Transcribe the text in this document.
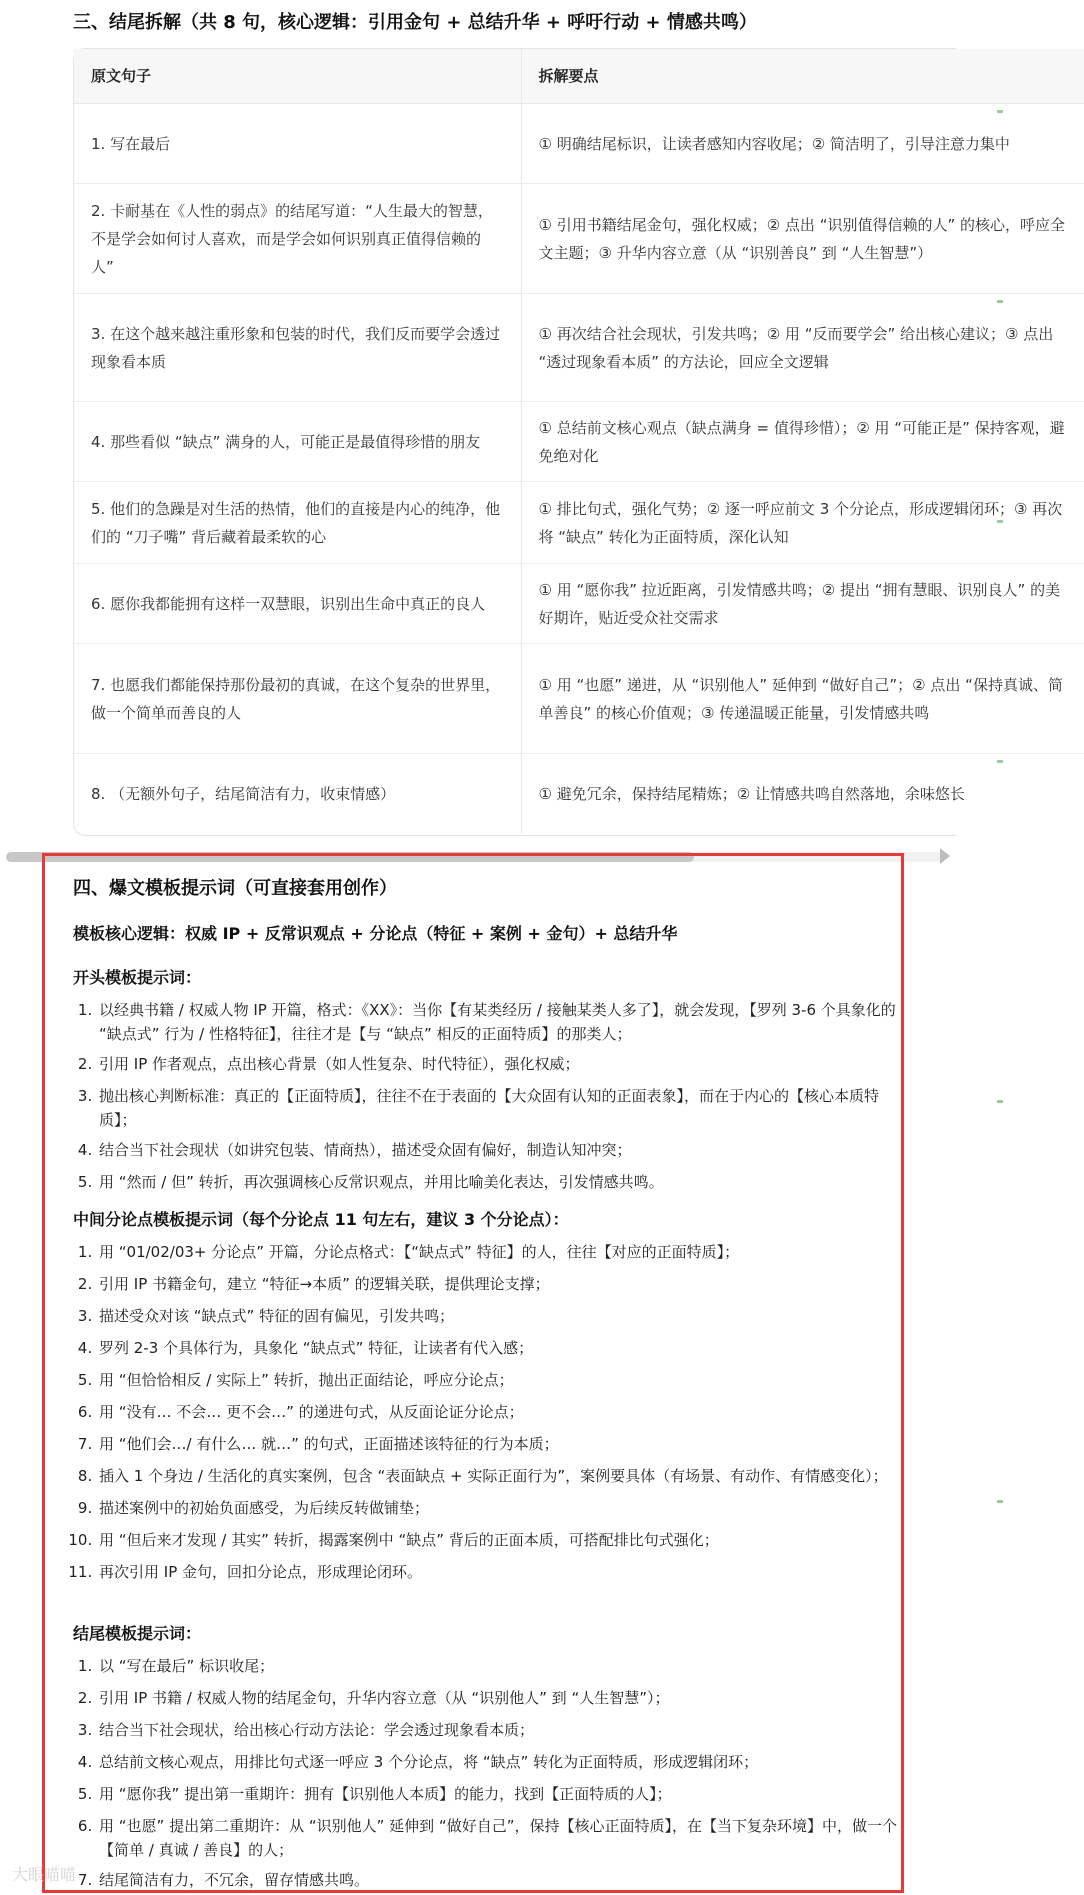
三、结尾拆解（共 8 句，核心逻辑：引用金句 + 总结升华 + 呼吁行动 + 情感共鸣）
原文句子	拆解要点
1. 写在最后	① 明确结尾标识，让读者感知内容收尾；② 简洁明了，引导注意力集中
2. 卡耐基在《人性的弱点》的结尾写道：“人生最大的智慧，不是学会如何讨人喜欢，而是学会如何识别真正值得信赖的人”	① 引用书籍结尾金句，强化权威；② 点出 “识别值得信赖的人” 的核心，呼应全文主题；③ 升华内容立意（从 “识别善良” 到 “人生智慧”）
3. 在这个越来越注重形象和包装的时代，我们反而要学会透过现象看本质	① 再次结合社会现状，引发共鸣；② 用 “反而要学会” 给出核心建议；③ 点出 “透过现象看本质” 的方法论，回应全文逻辑
4. 那些看似 “缺点” 满身的人，可能正是最值得珍惜的朋友	① 总结前文核心观点（缺点满身 = 值得珍惜）；② 用 “可能正是” 保持客观，避免绝对化
5. 他们的急躁是对生活的热情，他们的直接是内心的纯净，他们的 “刀子嘴” 背后藏着最柔软的心	① 排比句式，强化气势；② 逐一呼应前文 3 个分论点，形成逻辑闭环；③ 再次将 “缺点” 转化为正面特质，深化认知
6. 愿你我都能拥有这样一双慧眼，识别出生命中真正的良人	① 用 “愿你我” 拉近距离，引发情感共鸣；② 提出 “拥有慧眼、识别良人” 的美好期许，贴近受众社交需求
7. 也愿我们都能保持那份最初的真诚，在这个复杂的世界里，做一个简单而善良的人	① 用 “也愿” 递进，从 “识别他人” 延伸到 “做好自己”；② 点出 “保持真诚、简单善良” 的核心价值观；③ 传递温暖正能量，引发情感共鸣
8. （无额外句子，结尾简洁有力，收束情感）	① 避免冗余，保持结尾精炼；② 让情感共鸣自然落地，余味悠长
四、爆文模板提示词（可直接套用创作）
模板核心逻辑：权威 IP + 反常识观点 + 分论点（特征 + 案例 + 金句）+ 总结升华
开头模板提示词：
1. 以经典书籍 / 权威人物 IP 开篇，格式：《XX》：当你【有某类经历 / 接触某类人多了】，就会发现，【罗列 3-6 个具象化的 “缺点式” 行为 / 性格特征】，往往才是【与 “缺点” 相反的正面特质】的那类人；
2. 引用 IP 作者观点，点出核心背景（如人性复杂、时代特征），强化权威；
3. 抛出核心判断标准：真正的【正面特质】，往往不在于表面的【大众固有认知的正面表象】，而在于内心的【核心本质特质】；
4. 结合当下社会现状（如讲究包装、情商热），描述受众固有偏好，制造认知冲突；
5. 用 “然而 / 但” 转折，再次强调核心反常识观点，并用比喻美化表达，引发情感共鸣。
中间分论点模板提示词（每个分论点 11 句左右，建议 3 个分论点）：
1. 用 “01/02/03+ 分论点” 开篇，分论点格式：【“缺点式” 特征】的人，往往【对应的正面特质】；
2. 引用 IP 书籍金句，建立 “特征→本质” 的逻辑关联，提供理论支撑；
3. 描述受众对该 “缺点式” 特征的固有偏见，引发共鸣；
4. 罗列 2-3 个具体行为，具象化 “缺点式” 特征，让读者有代入感；
5. 用 “但恰恰相反 / 实际上” 转折，抛出正面结论，呼应分论点；
6. 用 “没有… 不会… 更不会…” 的递进句式，从反面论证分论点；
7. 用 “他们会…/ 有什么… 就…” 的句式，正面描述该特征的行为本质；
8. 插入 1 个身边 / 生活化的真实案例，包含 “表面缺点 + 实际正面行为”，案例要具体（有场景、有动作、有情感变化）；
9. 描述案例中的初始负面感受，为后续反转做铺垫；
10. 用 “但后来才发现 / 其实” 转折，揭露案例中 “缺点” 背后的正面本质，可搭配排比句式强化；
11. 再次引用 IP 金句，回扣分论点，形成理论闭环。
结尾模板提示词：
1. 以 “写在最后” 标识收尾；
2. 引用 IP 书籍 / 权威人物的结尾金句，升华内容立意（从 “识别他人” 到 “人生智慧”）；
3. 结合当下社会现状，给出核心行动方法论：学会透过现象看本质；
4. 总结前文核心观点，用排比句式逐一呼应 3 个分论点，将 “缺点” 转化为正面特质，形成逻辑闭环；
5. 用 “愿你我” 提出第一重期许：拥有【识别他人本质】的能力，找到【正面特质的人】；
6. 用 “也愿” 提出第二重期许：从 “识别他人” 延伸到 “做好自己”，保持【核心正面特质】，在【当下复杂环境】中，做一个【简单 / 真诚 / 善良】的人；
7. 结尾简洁有力，不冗余，留存情感共鸣。
大眼喵喵
